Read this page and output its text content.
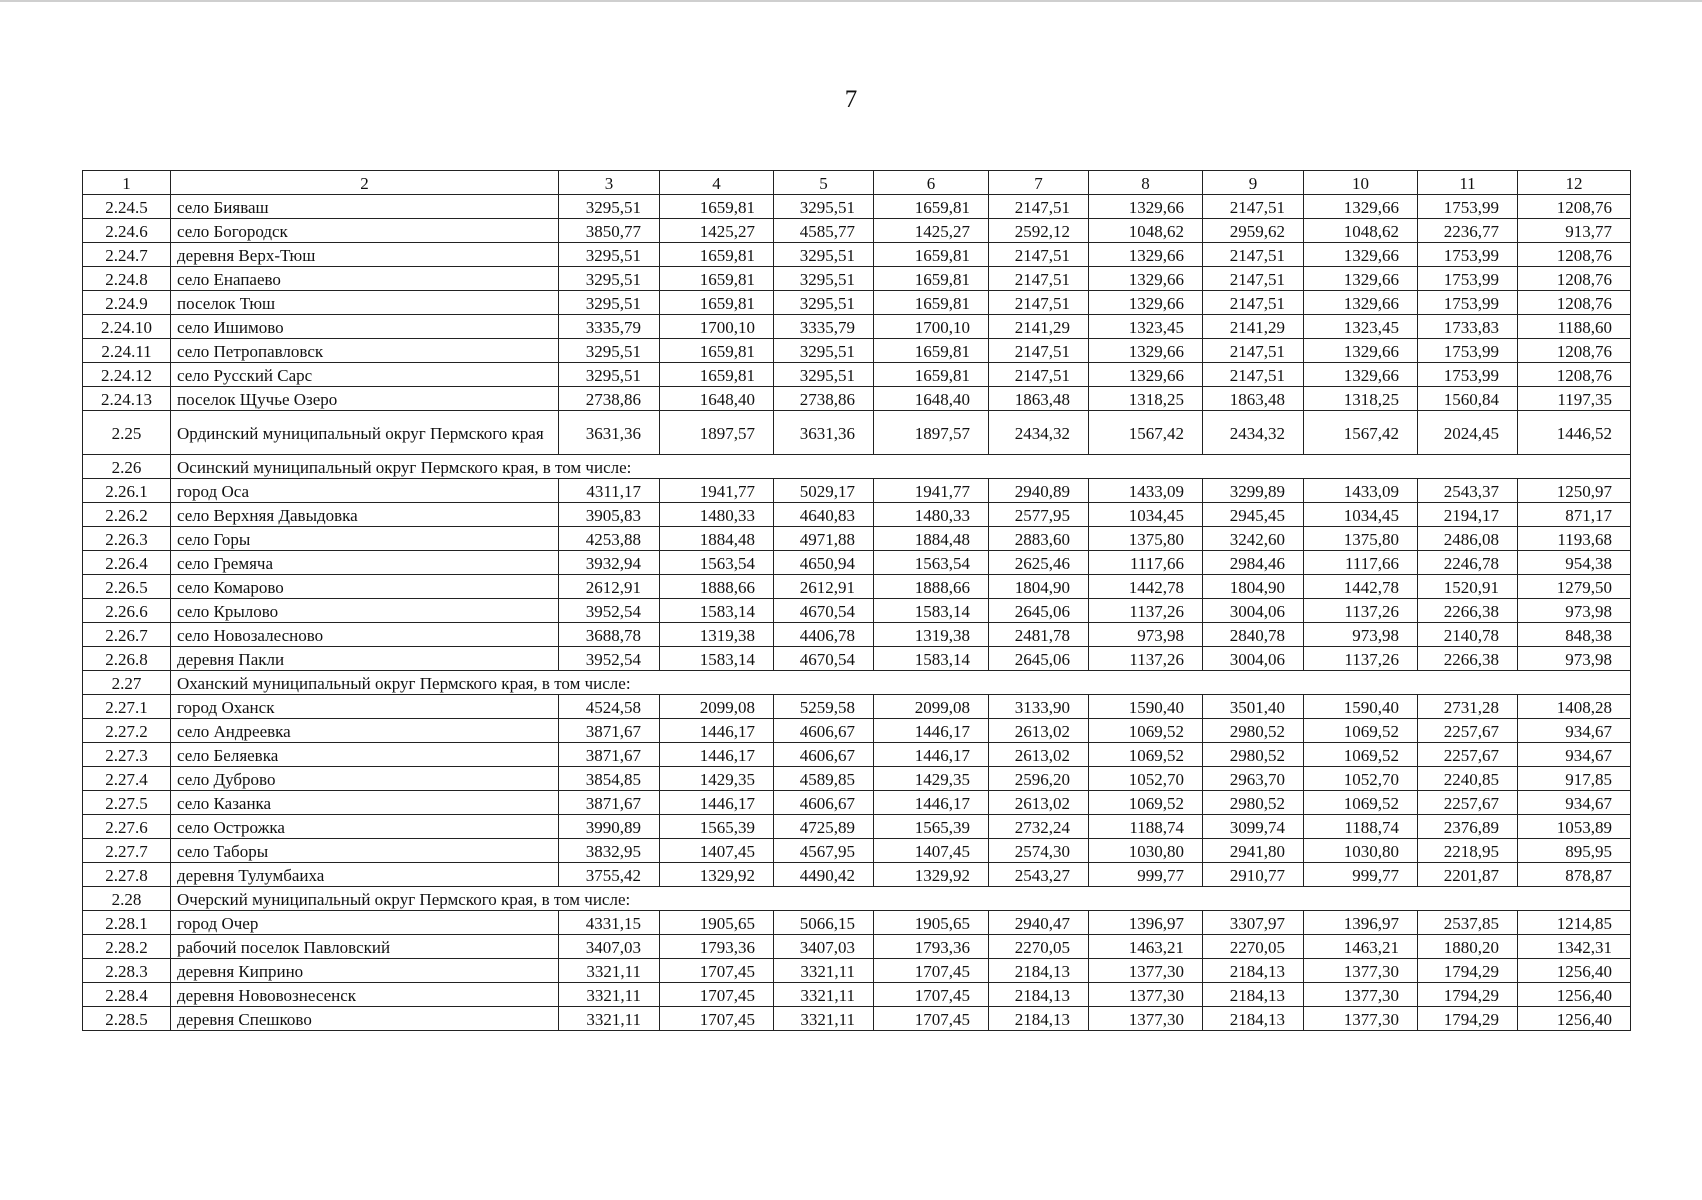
7
1	2	3	4	5	6	7	8	9	10	11	12
2.24.5	село Бияваш	3295,51	1659,81	3295,51	1659,81	2147,51	1329,66	2147,51	1329,66	1753,99	1208,76
2.24.6	село Богородск	3850,77	1425,27	4585,77	1425,27	2592,12	1048,62	2959,62	1048,62	2236,77	913,77
2.24.7	деревня Верх-Тюш	3295,51	1659,81	3295,51	1659,81	2147,51	1329,66	2147,51	1329,66	1753,99	1208,76
2.24.8	село Енапаево	3295,51	1659,81	3295,51	1659,81	2147,51	1329,66	2147,51	1329,66	1753,99	1208,76
2.24.9	поселок Тюш	3295,51	1659,81	3295,51	1659,81	2147,51	1329,66	2147,51	1329,66	1753,99	1208,76
2.24.10	село Ишимово	3335,79	1700,10	3335,79	1700,10	2141,29	1323,45	2141,29	1323,45	1733,83	1188,60
2.24.11	село Петропавловск	3295,51	1659,81	3295,51	1659,81	2147,51	1329,66	2147,51	1329,66	1753,99	1208,76
2.24.12	село Русский Сарс	3295,51	1659,81	3295,51	1659,81	2147,51	1329,66	2147,51	1329,66	1753,99	1208,76
2.24.13	поселок Щучье Озеро	2738,86	1648,40	2738,86	1648,40	1863,48	1318,25	1863,48	1318,25	1560,84	1197,35
2.25	Ординский муниципальный округ Пермского края	3631,36	1897,57	3631,36	1897,57	2434,32	1567,42	2434,32	1567,42	2024,45	1446,52
2.26	Осинский муниципальный округ Пермского края, в том числе:										
2.26.1	город Оса	4311,17	1941,77	5029,17	1941,77	2940,89	1433,09	3299,89	1433,09	2543,37	1250,97
2.26.2	село Верхняя Давыдовка	3905,83	1480,33	4640,83	1480,33	2577,95	1034,45	2945,45	1034,45	2194,17	871,17
2.26.3	село Горы	4253,88	1884,48	4971,88	1884,48	2883,60	1375,80	3242,60	1375,80	2486,08	1193,68
2.26.4	село Гремяча	3932,94	1563,54	4650,94	1563,54	2625,46	1117,66	2984,46	1117,66	2246,78	954,38
2.26.5	село Комарово	2612,91	1888,66	2612,91	1888,66	1804,90	1442,78	1804,90	1442,78	1520,91	1279,50
2.26.6	село Крылово	3952,54	1583,14	4670,54	1583,14	2645,06	1137,26	3004,06	1137,26	2266,38	973,98
2.26.7	село Новозалесново	3688,78	1319,38	4406,78	1319,38	2481,78	973,98	2840,78	973,98	2140,78	848,38
2.26.8	деревня Пакли	3952,54	1583,14	4670,54	1583,14	2645,06	1137,26	3004,06	1137,26	2266,38	973,98
2.27	Оханский муниципальный округ Пермского края, в том числе:										
2.27.1	город Оханск	4524,58	2099,08	5259,58	2099,08	3133,90	1590,40	3501,40	1590,40	2731,28	1408,28
2.27.2	село Андреевка	3871,67	1446,17	4606,67	1446,17	2613,02	1069,52	2980,52	1069,52	2257,67	934,67
2.27.3	село Беляевка	3871,67	1446,17	4606,67	1446,17	2613,02	1069,52	2980,52	1069,52	2257,67	934,67
2.27.4	село Дуброво	3854,85	1429,35	4589,85	1429,35	2596,20	1052,70	2963,70	1052,70	2240,85	917,85
2.27.5	село Казанка	3871,67	1446,17	4606,67	1446,17	2613,02	1069,52	2980,52	1069,52	2257,67	934,67
2.27.6	село Острожка	3990,89	1565,39	4725,89	1565,39	2732,24	1188,74	3099,74	1188,74	2376,89	1053,89
2.27.7	село Таборы	3832,95	1407,45	4567,95	1407,45	2574,30	1030,80	2941,80	1030,80	2218,95	895,95
2.27.8	деревня Тулумбаиха	3755,42	1329,92	4490,42	1329,92	2543,27	999,77	2910,77	999,77	2201,87	878,87
2.28	Очерский муниципальный округ Пермского края, в том числе:										
2.28.1	город Очер	4331,15	1905,65	5066,15	1905,65	2940,47	1396,97	3307,97	1396,97	2537,85	1214,85
2.28.2	рабочий поселок Павловский	3407,03	1793,36	3407,03	1793,36	2270,05	1463,21	2270,05	1463,21	1880,20	1342,31
2.28.3	деревня Киприно	3321,11	1707,45	3321,11	1707,45	2184,13	1377,30	2184,13	1377,30	1794,29	1256,40
2.28.4	деревня Нововознесенск	3321,11	1707,45	3321,11	1707,45	2184,13	1377,30	2184,13	1377,30	1794,29	1256,40
2.28.5	деревня Спешково	3321,11	1707,45	3321,11	1707,45	2184,13	1377,30	2184,13	1377,30	1794,29	1256,40
